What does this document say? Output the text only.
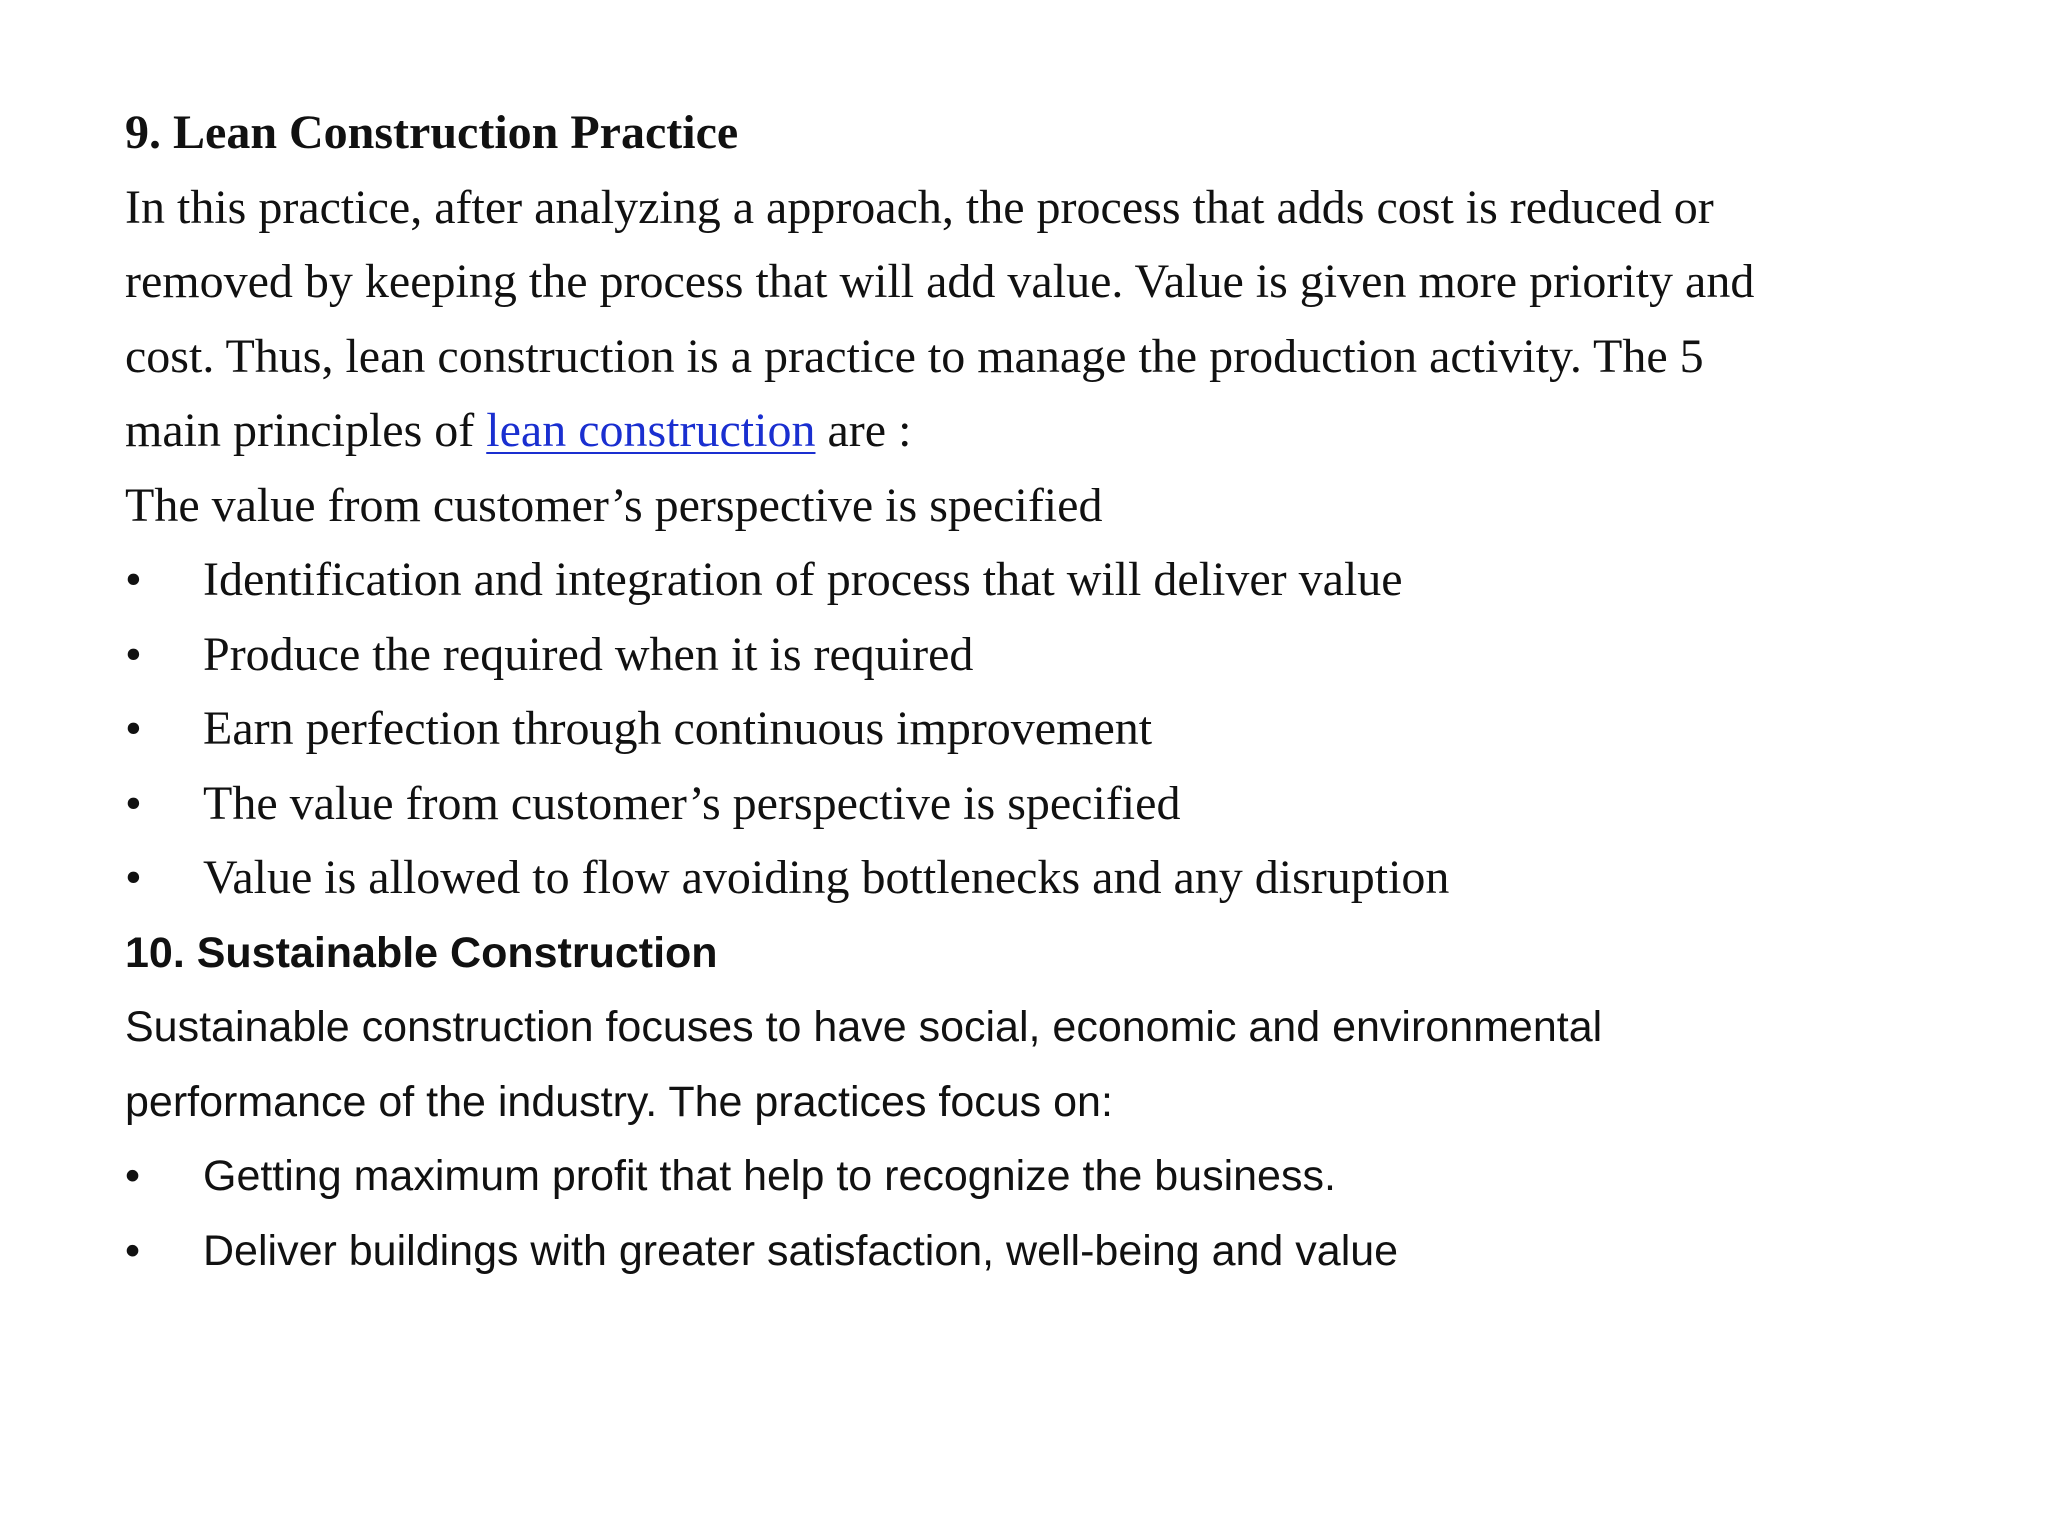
9. Lean Construction Practice

In this practice, after analyzing a approach, the process that adds cost is reduced or
removed by keeping the process that will add value. Value is given more priority and
cost. Thus, lean construction is a practice to manage the production activity. The 5
main principles of lean construction are :
The value from customer’s perspective is specified

•	Identification and integration of process that will deliver value
•	Produce the required when it is required
•	Earn perfection through continuous improvement
•	The value from customer’s perspective is specified
•	Value is allowed to flow avoiding bottlenecks and any disruption
10. Sustainable Construction

Sustainable construction focuses to have social, economic and environmental
performance of the industry. The practices focus on:

•	Getting maximum profit that help to recognize the business.
•	Deliver buildings with greater satisfaction, well-being and value
